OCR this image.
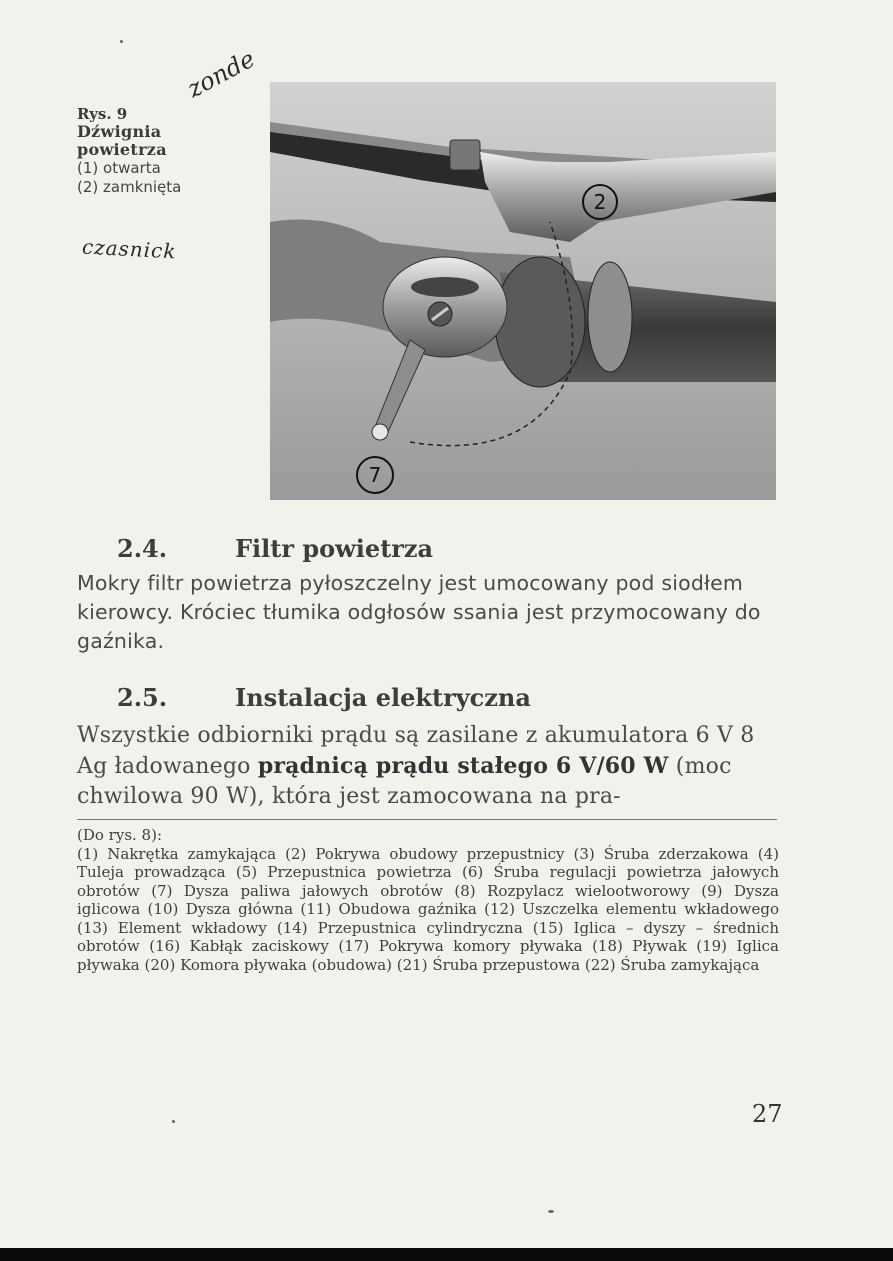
Rys. 9
Dźwignia
powietrza
(1) otwarta
(2) zamknięta
zonde
czasnick
2
7
2.4.	Filtr powietrza
Mokry filtr powietrza pyłoszczelny jest umocowany pod siodłem kierowcy. Króciec tłumika odgłosów ssania jest przymocowany do gaźnika.
2.5.	Instalacja elektryczna
Wszystkie odbiorniki prądu są zasilane z akumulatora 6 V 8 Ag ładowanego prądnicą prądu stałego 6 V/60 W (moc chwilowa 90 W), która jest zamocowana na pra-
(Do rys. 8):
(1) Nakrętka zamykająca (2) Pokrywa obudowy przepustnicy (3) Śruba zderzakowa (4) Tuleja prowadząca (5) Przepustnica powietrza (6) Śruba regulacji powietrza jałowych obrotów (7) Dysza paliwa jałowych obrotów (8) Rozpylacz wielootworowy (9) Dysza iglicowa (10) Dysza główna (11) Obudowa gaźnika (12) Uszczelka elementu wkładowego (13) Element wkładowy (14) Przepustnica cylindryczna (15) Iglica – dyszy – średnich obrotów (16) Kabłąk zaciskowy (17) Pokrywa komory pływaka (18) Pływak (19) Iglica pływaka (20) Komora pływaka (obudowa) (21) Śruba przepustowa (22) Śruba zamykająca
27
